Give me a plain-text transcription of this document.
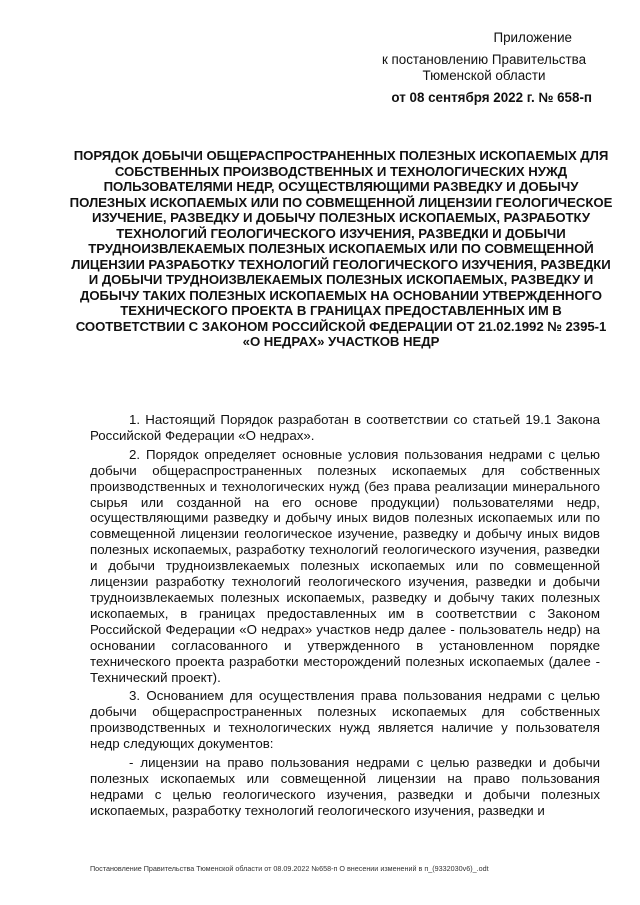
Приложение
к постановлению Правительства
Тюменской области
от 08 сентября 2022 г. № 658-п
ПОРЯДОК ДОБЫЧИ ОБЩЕРАСПРОСТРАНЕННЫХ ПОЛЕЗНЫХ ИСКОПАЕМЫХ ДЛЯ СОБСТВЕННЫХ ПРОИЗВОДСТВЕННЫХ И ТЕХНОЛОГИЧЕСКИХ НУЖД ПОЛЬЗОВАТЕЛЯМИ НЕДР, ОСУЩЕСТВЛЯЮЩИМИ РАЗВЕДКУ И ДОБЫЧУ ПОЛЕЗНЫХ ИСКОПАЕМЫХ ИЛИ ПО СОВМЕЩЕННОЙ ЛИЦЕНЗИИ ГЕОЛОГИЧЕСКОЕ ИЗУЧЕНИЕ, РАЗВЕДКУ И ДОБЫЧУ ПОЛЕЗНЫХ ИСКОПАЕМЫХ, РАЗРАБОТКУ ТЕХНОЛОГИЙ ГЕОЛОГИЧЕСКОГО ИЗУЧЕНИЯ, РАЗВЕДКИ И ДОБЫЧИ ТРУДНОИЗВЛЕКАЕМЫХ ПОЛЕЗНЫХ ИСКОПАЕМЫХ ИЛИ ПО СОВМЕЩЕННОЙ ЛИЦЕНЗИИ РАЗРАБОТКУ ТЕХНОЛОГИЙ ГЕОЛОГИЧЕСКОГО ИЗУЧЕНИЯ, РАЗВЕДКИ И ДОБЫЧИ ТРУДНОИЗВЛЕКАЕМЫХ ПОЛЕЗНЫХ ИСКОПАЕМЫХ, РАЗВЕДКУ И ДОБЫЧУ ТАКИХ ПОЛЕЗНЫХ ИСКОПАЕМЫХ НА ОСНОВАНИИ УТВЕРЖДЕННОГО ТЕХНИЧЕСКОГО ПРОЕКТА В ГРАНИЦАХ ПРЕДОСТАВЛЕННЫХ ИМ В СООТВЕТСТВИИ С ЗАКОНОМ РОССИЙСКОЙ ФЕДЕРАЦИИ ОТ 21.02.1992 № 2395-1 «О НЕДРАХ» УЧАСТКОВ НЕДР

1. Настоящий Порядок разработан в соответствии со статьей 19.1 Закона Российской Федерации «О недрах».

2. Порядок определяет основные условия пользования недрами с целью добычи общераспространенных полезных ископаемых для собственных производственных и технологических нужд (без права реализации минерального сырья или созданной на его основе продукции) пользователями недр, осуществляющими разведку и добычу иных видов полезных ископаемых или по совмещенной лицензии геологическое изучение, разведку и добычу иных видов полезных ископаемых, разработку технологий геологического изучения, разведки и добычи трудноизвлекаемых полезных ископаемых или по совмещенной лицензии разработку технологий геологического изучения, разведки и добычи трудноизвлекаемых полезных ископаемых, разведку и добычу таких полезных ископаемых, в границах предоставленных им в соответствии с Законом Российской Федерации «О недрах» участков недр далее - пользователь недр) на основании согласованного и утвержденного в установленном порядке технического проекта разработки месторождений полезных ископаемых (далее - Технический проект).

3. Основанием для осуществления права пользования недрами с целью добычи общераспространенных полезных ископаемых для собственных производственных и технологических нужд является наличие у пользователя недр следующих документов:

- лицензии на право пользования недрами с целью разведки и добычи полезных ископаемых или совмещенной лицензии на право пользования недрами с целью геологического изучения, разведки и добычи полезных ископаемых, разработку технологий геологического изучения, разведки и

Постановление Правительства Тюменской области от 08.09.2022 №658-п О внесении изменений в п_(9332030v6)_.odt
